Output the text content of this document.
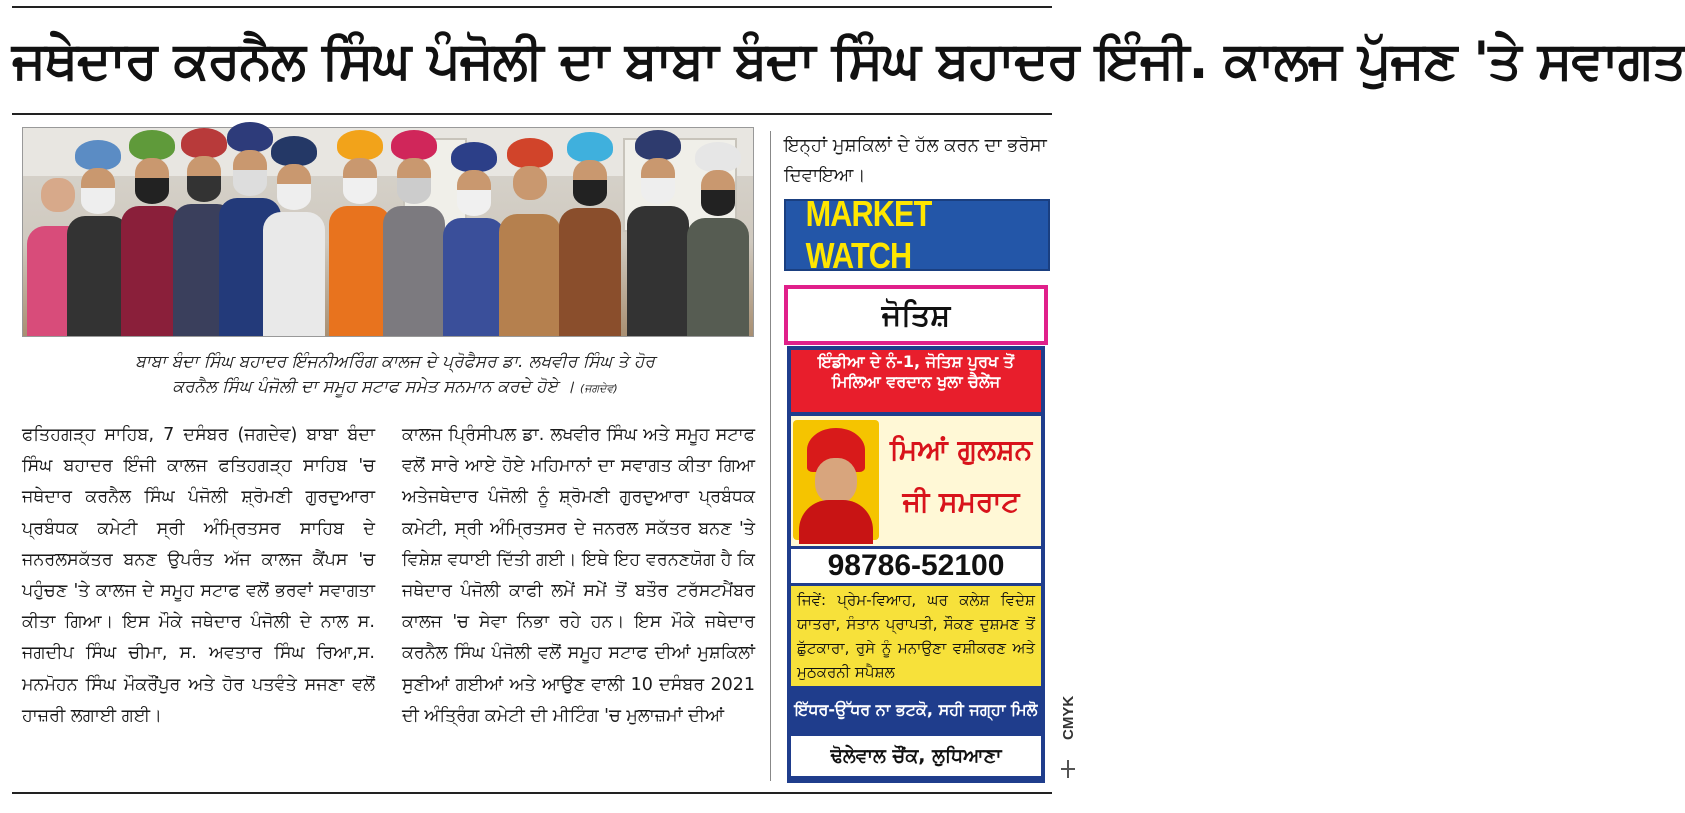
ਜਥੇਦਾਰ ਕਰਨੈਲ ਸਿੰਘ ਪੰਜੋਲੀ ਦਾ ਬਾਬਾ ਬੰਦਾ ਸਿੰਘ ਬਹਾਦਰ ਇੰਜੀ. ਕਾਲਜ ਪੁੱਜਣ 'ਤੇ ਸਵਾਗਤ
ਬਾਬਾ ਬੰਦਾ ਸਿੰਘ ਬਹਾਦਰ ਇੰਜਨੀਅਰਿੰਗ ਕਾਲਜ ਦੇ ਪ੍ਰੋਫੈਸਰ ਡਾ. ਲਖਵੀਰ ਸਿੰਘ ਤੇ ਹੋਰ
ਕਰਨੈਲ ਸਿੰਘ ਪੰਜੋਲੀ ਦਾ ਸਮੂਹ ਸਟਾਫ ਸਮੇਤ ਸਨਮਾਨ ਕਰਦੇ ਹੋਏ । (ਜਗਦੇਵ)
ਫਤਿਹਗੜ੍ਹ ਸਾਹਿਬ, 7 ਦਸੰਬਰ (ਜਗਦੇਵ) ਬਾਬਾ ਬੰਦਾ ਸਿੰਘ ਬਹਾਦਰ ਇੰਜੀ ਕਾਲਜ ਫਤਿਹਗੜ੍ਹ ਸਾਹਿਬ 'ਚ ਜਥੇਦਾਰ ਕਰਨੈਲ ਸਿੰਘ ਪੰਜੋਲੀ ਸ਼੍ਰੋਮਣੀ ਗੁਰਦੁਆਰਾ ਪ੍ਰਬੰਧਕ ਕਮੇਟੀ ਸ੍ਰੀ ਅੰਮ੍ਰਿਤਸਰ ਸਾਹਿਬ ਦੇ ਜਨਰਲਸਕੱਤਰ ਬਨਣ ਉਪਰੰਤ ਅੱਜ ਕਾਲਜ ਕੈਂਪਸ 'ਚ ਪਹੁੰਚਣ 'ਤੇ ਕਾਲਜ ਦੇ ਸਮੂਹ ਸਟਾਫ ਵਲੋਂ ਭਰਵਾਂ ਸਵਾਗਤਾ ਕੀਤਾ ਗਿਆ। ਇਸ ਮੌਕੇ ਜਥੇਦਾਰ ਪੰਜੋਲੀ ਦੇ ਨਾਲ ਸ. ਜਗਦੀਪ ਸਿੰਘ ਚੀਮਾ, ਸ. ਅਵਤਾਰ ਸਿੰਘ ਰਿਆ,ਸ. ਮਨਮੋਹਨ ਸਿੰਘ ਮੌਕਰੌਂਪੁਰ ਅਤੇ ਹੋਰ ਪਤਵੰਤੇ ਸਜਣਾ ਵਲੋਂ ਹਾਜ਼ਰੀ ਲਗਾਈ ਗਈ।
ਕਾਲਜ ਪ੍ਰਿੰਸੀਪਲ ਡਾ. ਲਖਵੀਰ ਸਿੰਘ ਅਤੇ ਸਮੂਹ ਸਟਾਫ ਵਲੋਂ ਸਾਰੇ ਆਏ ਹੋਏ ਮਹਿਮਾਨਾਂ ਦਾ ਸਵਾਗਤ ਕੀਤਾ ਗਿਆ ਅਤੇਜਥੇਦਾਰ ਪੰਜੋਲੀ ਨੂੰ ਸ਼੍ਰੋਮਣੀ ਗੁਰਦੁਆਰਾ ਪ੍ਰਬੰਧਕ ਕਮੇਟੀ, ਸ੍ਰੀ ਅੰਮ੍ਰਿਤਸਰ ਦੇ ਜਨਰਲ ਸਕੱਤਰ ਬਨਣ 'ਤੇ ਵਿਸ਼ੇਸ਼ ਵਧਾਈ ਦਿੱਤੀ ਗਈ। ਇਥੇ ਇਹ ਵਰਨਣਯੋਗ ਹੈ ਕਿ ਜਥੇਦਾਰ ਪੰਜੋਲੀ ਕਾਫੀ ਲਮੇਂ ਸਮੇਂ ਤੋਂ ਬਤੌਰ ਟਰੱਸਟਮੈਂਬਰ ਕਾਲਜ 'ਚ ਸੇਵਾ ਨਿਭਾ ਰਹੇ ਹਨ। ਇਸ ਮੌਕੇ ਜਥੇਦਾਰ ਕਰਨੈਲ ਸਿੰਘ ਪੰਜੋਲੀ ਵਲੋਂ ਸਮੂਹ ਸਟਾਫ ਦੀਆਂ ਮੁਸ਼ਕਿਲਾਂ ਸੁਣੀਆਂ ਗਈਆਂ ਅਤੇ ਆਉਣ ਵਾਲੀ 10 ਦਸੰਬਰ 2021 ਦੀ ਅੰਤ੍ਰਿੰਗ ਕਮੇਟੀ ਦੀ ਮੀਟਿੰਗ 'ਚ ਮੁਲਾਜ਼ਮਾਂ ਦੀਆਂ
ਇਨ੍ਹਾਂ ਮੁਸ਼ਕਿਲਾਂ ਦੇ ਹੱਲ ਕਰਨ ਦਾ ਭਰੋਸਾ ਦਿਵਾਇਆ।
MARKET WATCH
ਜੋਤਿਸ਼
ਇੰਡੀਆ ਦੇ ਨੰ-1, ਜੋਤਿਸ਼ ਪੁਰਖ ਤੋਂ ਮਿਲਿਆ ਵਰਦਾਨ ਖੁਲਾ ਚੈਲੇਂਜ
ਮਿਆਂ ਗੁਲਸ਼ਨ ਜੀ ਸਮਰਾਟ
98786-52100
ਜਿਵੇਂ: ਪ੍ਰੇਮ-ਵਿਆਹ, ਘਰ ਕਲੇਸ਼ ਵਿਦੇਸ਼ ਯਾਤਰਾ, ਸੰਤਾਨ ਪ੍ਰਾਪਤੀ, ਸੌਕਣ ਦੁਸ਼ਮਣ ਤੋਂ ਛੁੱਟਕਾਰਾ, ਰੁਸੇ ਨੂੰ ਮਨਾਉਣਾ ਵਸ਼ੀਕਰਣ ਅਤੇ ਮੁਠਕਰਨੀ ਸਪੈਸ਼ਲ
ਇੱਧਰ-ਉੱਧਰ ਨਾ ਭਟਕੋ, ਸਹੀ ਜਗ੍ਹਾ ਮਿਲੋ
ਢੋਲੇਵਾਲ ਚੌਂਕ, ਲੁਧਿਆਣਾ
CMYK
